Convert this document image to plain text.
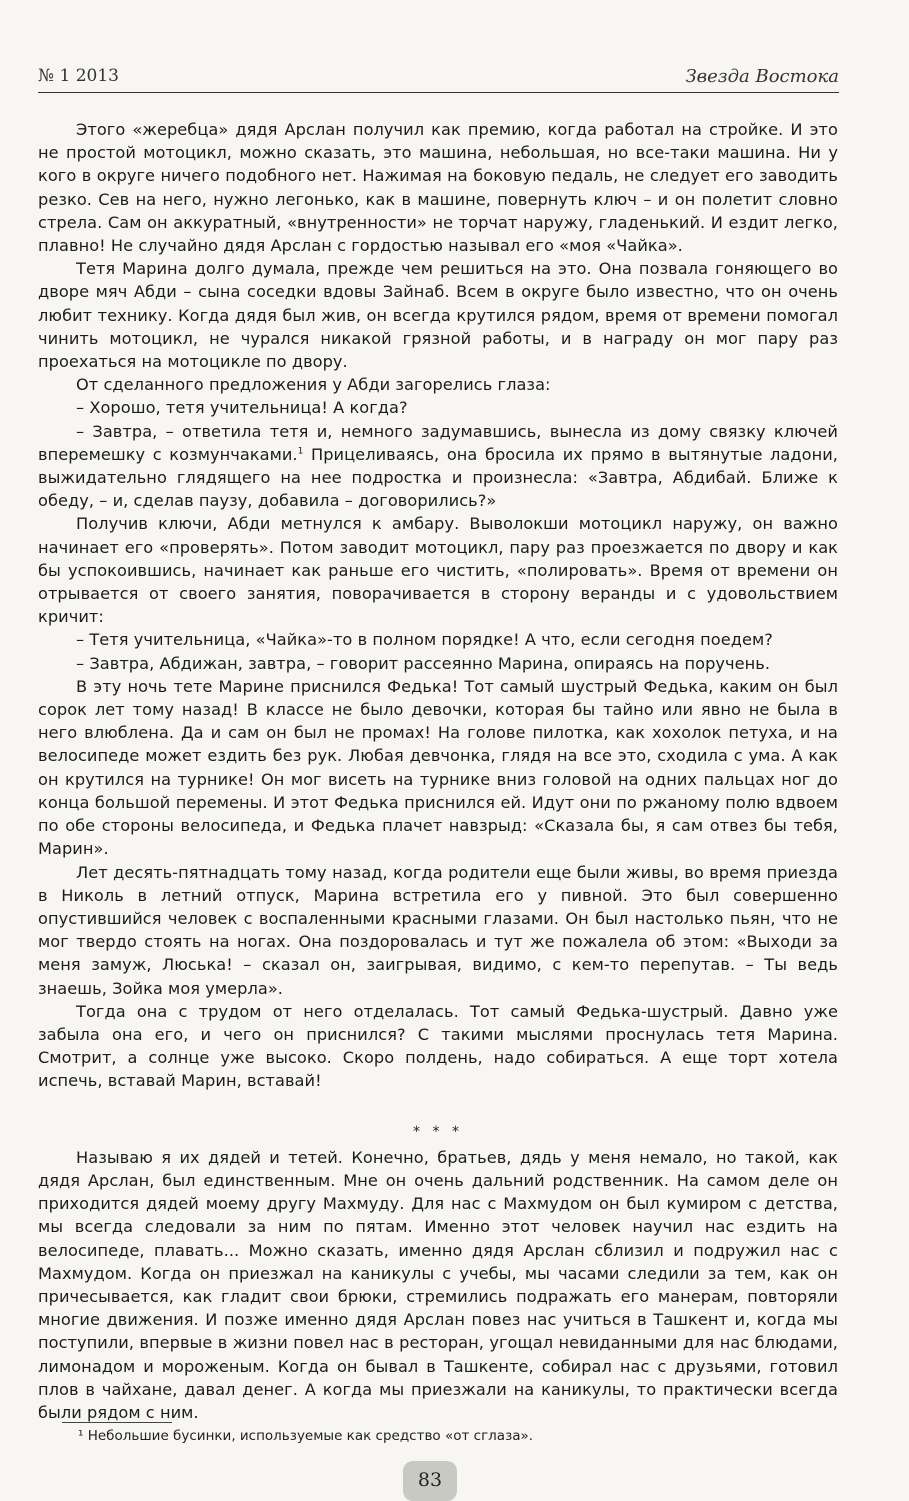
№ 1 2013	Звезда Востока

Этого «жеребца» дядя Арслан получил как премию, когда работал на стройке. И это не простой мотоцикл, можно сказать, это машина, небольшая, но все-таки машина. Ни у кого в округе ничего подобного нет. Нажимая на боковую педаль, не следует его заводить резко. Сев на него, нужно легонько, как в машине, повернуть ключ – и он полетит словно стрела. Сам он аккуратный, «внутренности» не торчат наружу, гладенький. И ездит легко, плавно! Не случайно дядя Арслан с гордостью называл его «моя «Чайка».

Тетя Марина долго думала, прежде чем решиться на это. Она позвала гоняющего во дворе мяч Абди – сына соседки вдовы Зайнаб. Всем в округе было известно, что он очень любит технику. Когда дядя был жив, он всегда крутился рядом, время от времени помогал чинить мотоцикл, не чурался никакой грязной работы, и в награду он мог пару раз проехаться на мотоцикле по двору.

От сделанного предложения у Абди загорелись глаза:

– Хорошо, тетя учительница! А когда?

– Завтра, – ответила тетя и, немного задумавшись, вынесла из дому связку ключей вперемешку с козмунчаками.$^1$ Прицеливаясь, она бросила их прямо в вытянутые ладони, выжидательно глядящего на нее подростка и произнесла: «Завтра, Абдибай. Ближе к обеду, – и, сделав паузу, добавила – договорились?»

Получив ключи, Абди метнулся к амбару. Выволокши мотоцикл наружу, он важно начинает его «проверять». Потом заводит мотоцикл, пару раз проезжается по двору и как бы успокоившись, начинает как раньше его чистить, «полировать». Время от времени он отрывается от своего занятия, поворачивается в сторону веранды и с удовольствием кричит:

– Тетя учительница, «Чайка»-то в полном порядке! А что, если сегодня поедем?

– Завтра, Абдижан, завтра, – говорит рассеянно Марина, опираясь на поручень.

В эту ночь тете Марине приснился Федька! Тот самый шустрый Федька, каким он был сорок лет тому назад! В классе не было девочки, которая бы тайно или явно не была в него влюблена. Да и сам он был не промах! На голове пилотка, как хохолок петуха, и на велосипеде может ездить без рук. Любая девчонка, глядя на все это, сходила с ума. А как он крутился на турнике! Он мог висеть на турнике вниз головой на одних пальцах ног до конца большой перемены. И этот Федька приснился ей. Идут они по ржаному полю вдвоем по обе стороны велосипеда, и Федька плачет навзрыд: «Сказала бы, я сам отвез бы тебя, Марин».

Лет десять-пятнадцать тому назад, когда родители еще были живы, во время приезда в Николь в летний отпуск, Марина встретила его у пивной. Это был совершенно опустившийся человек с воспаленными красными глазами. Он был настолько пьян, что не мог твердо стоять на ногах. Она поздоровалась и тут же пожалела об этом: «Выходи за меня замуж, Люська! – сказал он, заигрывая, видимо, с кем-то перепутав. – Ты ведь знаешь, Зойка моя умерла».

Тогда она с трудом от него отделалась. Тот самый Федька-шустрый. Давно уже забыла она его, и чего он приснился? С такими мыслями проснулась тетя Марина. Смотрит, а солнце уже высоко. Скоро полдень, надо собираться. А еще торт хотела испечь, вставай Марин, вставай!

* * *

Называю я их дядей и тетей. Конечно, братьев, дядь у меня немало, но такой, как дядя Арслан, был единственным. Мне он очень дальний родственник. На самом деле он приходится дядей моему другу Махмуду. Для нас с Махмудом он был кумиром с детства, мы всегда следовали за ним по пятам. Именно этот человек научил нас ездить на велосипеде, плавать... Можно сказать, именно дядя Арслан сблизил и подружил нас с Махмудом. Когда он приезжал на каникулы с учебы, мы часами следили за тем, как он причесывается, как гладит свои брюки, стремились подражать его манерам, повторяли многие движения. И позже именно дядя Арслан повез нас учиться в Ташкент и, когда мы поступили, впервые в жизни повел нас в ресторан, угощал невиданными для нас блюдами, лимонадом и мороженым. Когда он бывал в Ташкенте, собирал нас с друзьями, готовил плов в чайхане, давал денег. А когда мы приезжали на каникулы, то практически всегда были рядом с ним.

¹ Небольшие бусинки, используемые как средство «от сглаза».
83
